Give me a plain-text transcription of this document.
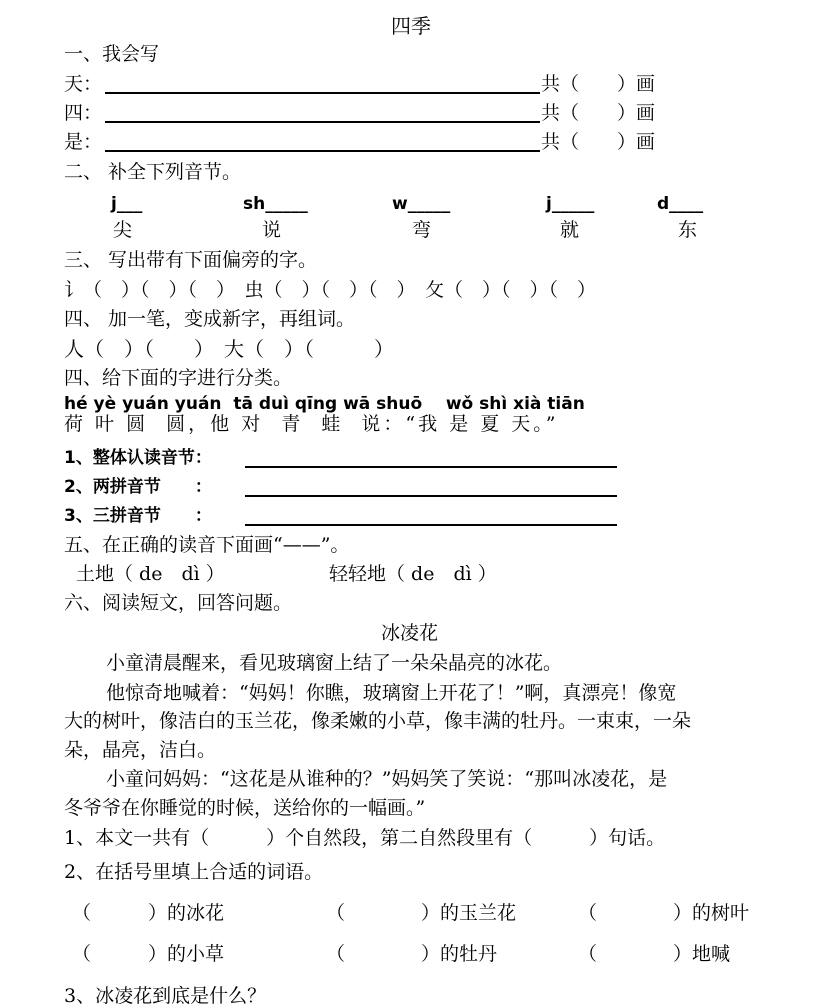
四季
一、我会写
天：	共（　　）画
四：	共（　　）画
是：	共（　　）画
二、 补全下列音节。
j___	sh_____	w_____	j_____	d____
尖	说	弯	就	东
三、 写出带有下面偏旁的字。
讠（　）（　）（　）　虫（　）（　）（　）　攵（　）（　）（　）
四、 加一笔，变成新字，再组词。
人（　）（　　）　大（　）（　　　）
四、给下面的字进行分类。
hé yè yuán yuán  tā duì qīng wā shuō    wǒ shì xià tiān
荷 叶 圆  圆，他 对  青  蛙  说：“我 是 夏 天。”
1、整体认读音节：
2、两拼音节　　：
3、三拼音节　　：
五、在正确的读音下面画“——”。
土地（ de　dì ）	轻轻地（ de　dì ）
六、阅读短文，回答问题。
冰凌花
小童清晨醒来，看见玻璃窗上结了一朵朵晶亮的冰花。
他惊奇地喊着：“妈妈！你瞧，玻璃窗上开花了！”啊，真漂亮！像宽
大的树叶，像洁白的玉兰花，像柔嫩的小草，像丰满的牡丹。一束束，一朵
朵，晶亮，洁白。
小童问妈妈：“这花是从谁种的？”妈妈笑了笑说：“那叫冰凌花，是
冬爷爷在你睡觉的时候，送给你的一幅画。”
1、本文一共有（　　　）个自然段，第二自然段里有（　　　）句话。
2、在括号里填上合适的词语。
（　　　）的冰花	（　　　　）的玉兰花	（　　　　）的树叶
（　　　）的小草	（　　　　）的牡丹	（　　　　）地喊
3、冰凌花到底是什么？
